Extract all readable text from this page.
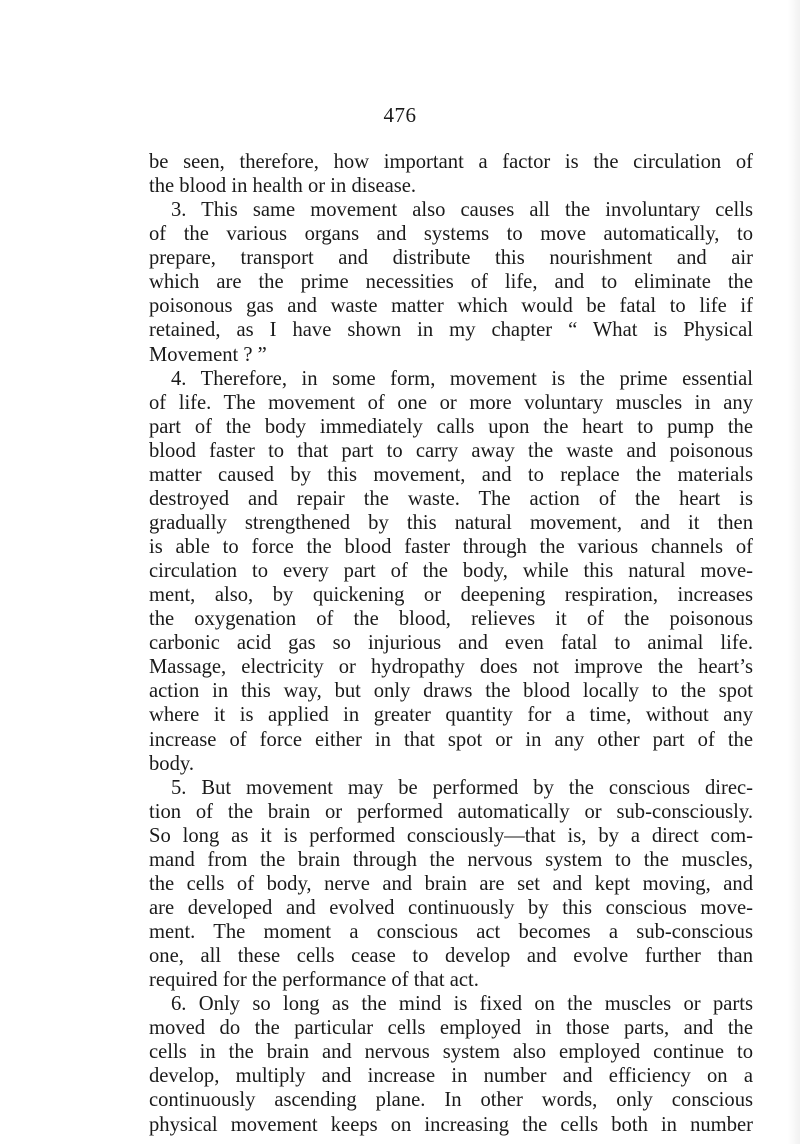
476
be seen, therefore, how important a factor is the circulation of
the blood in health or in disease.
3. This same movement also causes all the involuntary cells
of the various organs and systems to move automatically, to
prepare, transport and distribute this nourishment and air
which are the prime necessities of life, and to eliminate the
poisonous gas and waste matter which would be fatal to life if
retained, as I have shown in my chapter “ What is Physical
Movement ? ”
4. Therefore, in some form, movement is the prime essential
of life. The movement of one or more voluntary muscles in any
part of the body immediately calls upon the heart to pump the
blood faster to that part to carry away the waste and poisonous
matter caused by this movement, and to replace the materials
destroyed and repair the waste. The action of the heart is
gradually strengthened by this natural movement, and it then
is able to force the blood faster through the various channels of
circulation to every part of the body, while this natural move-
ment, also, by quickening or deepening respiration, increases
the oxygenation of the blood, relieves it of the poisonous
carbonic acid gas so injurious and even fatal to animal life.
Massage, electricity or hydropathy does not improve the heart’s
action in this way, but only draws the blood locally to the spot
where it is applied in greater quantity for a time, without any
increase of force either in that spot or in any other part of the
body.
5. But movement may be performed by the conscious direc-
tion of the brain or performed automatically or sub-consciously.
So long as it is performed consciously—that is, by a direct com-
mand from the brain through the nervous system to the muscles,
the cells of body, nerve and brain are set and kept moving, and
are developed and evolved continuously by this conscious move-
ment. The moment a conscious act becomes a sub-conscious
one, all these cells cease to develop and evolve further than
required for the performance of that act.
6. Only so long as the mind is fixed on the muscles or parts
moved do the particular cells employed in those parts, and the
cells in the brain and nervous system also employed continue to
develop, multiply and increase in number and efficiency on a
continuously ascending plane. In other words, only conscious
physical movement keeps on increasing the cells both in number
